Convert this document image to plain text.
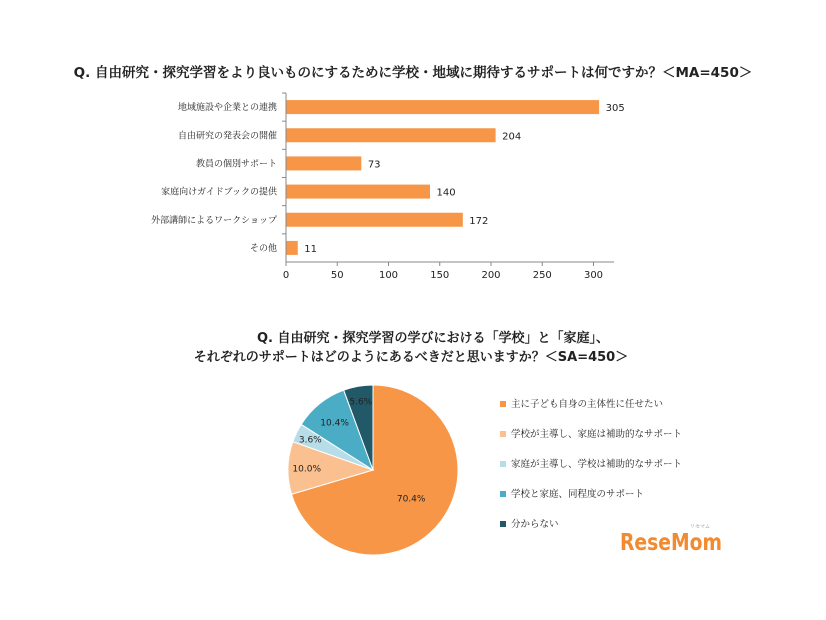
Q. 自由研究・探究学習をより良いものにするために学校・地域に期待するサポートは何ですか？＜MA=450＞
地域施設や企業との連携
自由研究の発表会の開催
教員の個別サポート
家庭向けガイドブックの提供
外部講師によるワークショップ
その他
305
204
73
140
172
11
0	50	100	150	200	250	300
Q. 自由研究・探究学習の学びにおける「学校」と「家庭」、
それぞれのサポートはどのようにあるべきだと思いますか？＜SA=450＞
70.4%
10.0%
3.6%
10.4%
5.6%	主に子ども自身の主体性に任せたい
学校が主導し、家庭は補助的なサポート
家庭が主導し、学校は補助的なサポート
学校と家庭、同程度のサポート
分からない	リセマム
ReseMom
